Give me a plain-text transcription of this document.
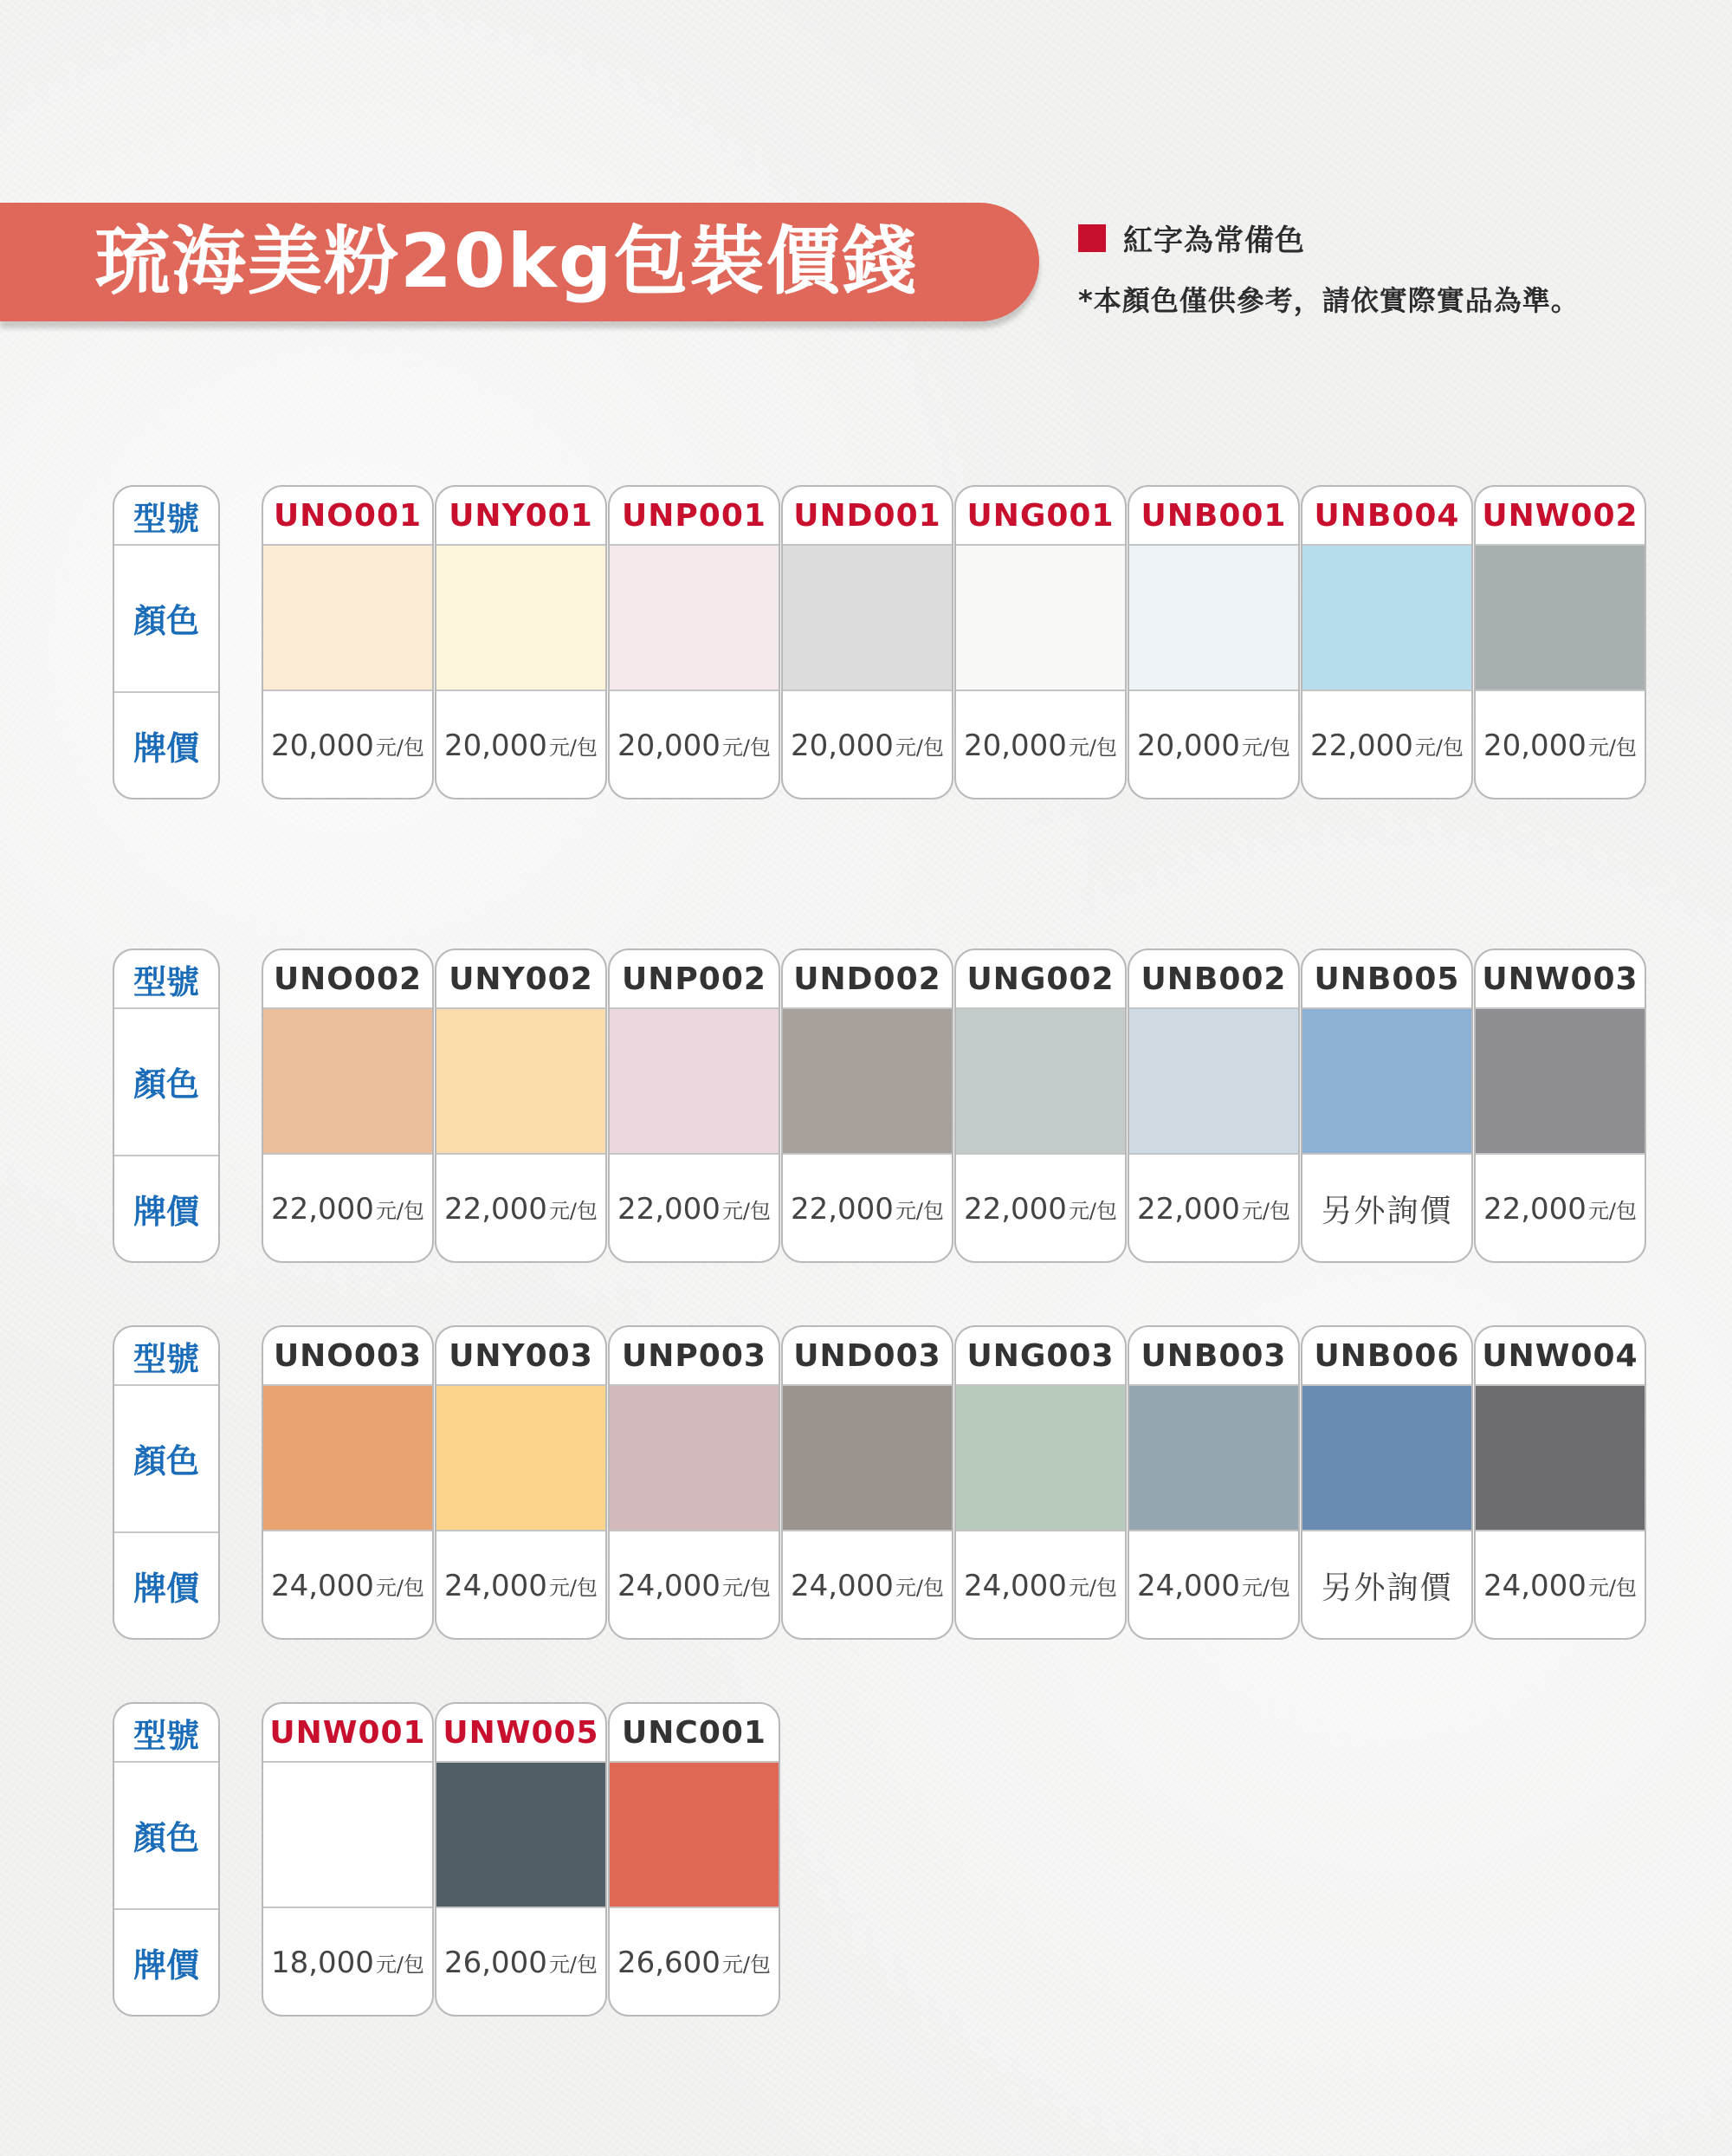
琉海美粉20kg包裝價錢	紅字為常備色
*本顏色僅供參考，請依實際實品為準。
型號
顏色
牌價
UNO001
20,000 元/包
UNY001
20,000 元/包
UNP001
20,000 元/包
UND001
20,000 元/包
UNG001
20,000 元/包
UNB001
20,000 元/包
UNB004
22,000 元/包
UNW002
20,000 元/包
型號
顏色
牌價
UNO002
22,000 元/包
UNY002
22,000 元/包
UNP002
22,000 元/包
UND002
22,000 元/包
UNG002
22,000 元/包
UNB002
22,000 元/包
UNB005
另外詢價
UNW003
22,000 元/包
型號
顏色
牌價
UNO003
24,000 元/包
UNY003
24,000 元/包
UNP003
24,000 元/包
UND003
24,000 元/包
UNG003
24,000 元/包
UNB003
24,000 元/包
UNB006
另外詢價
UNW004
24,000 元/包
型號
顏色
牌價
UNW001
18,000 元/包
UNW005
26,000 元/包
UNC001
26,600 元/包
